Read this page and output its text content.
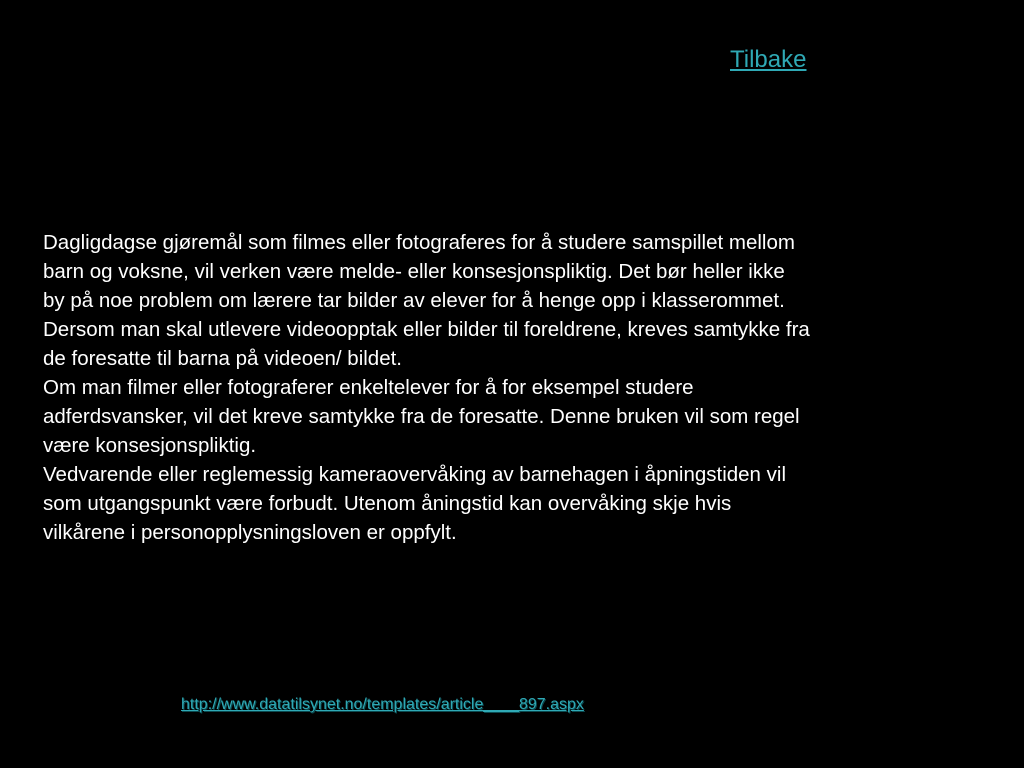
Tilbake

Dagligdagse gjøremål som filmes eller fotograferes for å studere samspillet mellom

barn og voksne, vil verken være melde- eller konsesjonspliktig. Det bør heller ikke

by på noe problem om lærere tar bilder av elever for å henge opp i klasserommet.

Dersom man skal utlevere videoopptak eller bilder til foreldrene, kreves samtykke fra

de foresatte til barna på videoen/ bildet.

Om man filmer eller fotograferer enkeltelever for å for eksempel studere

adferdsvansker, vil det kreve samtykke fra de foresatte. Denne bruken vil som regel

være konsesjonspliktig.

Vedvarende eller reglemessig kameraovervåking av barnehagen i åpningstiden vil

som utgangspunkt være forbudt. Utenom åningstid kan overvåking skje hvis

vilkårene i personopplysningsloven er oppfylt.

http://www.datatilsynet.no/templates/article____897.aspx
